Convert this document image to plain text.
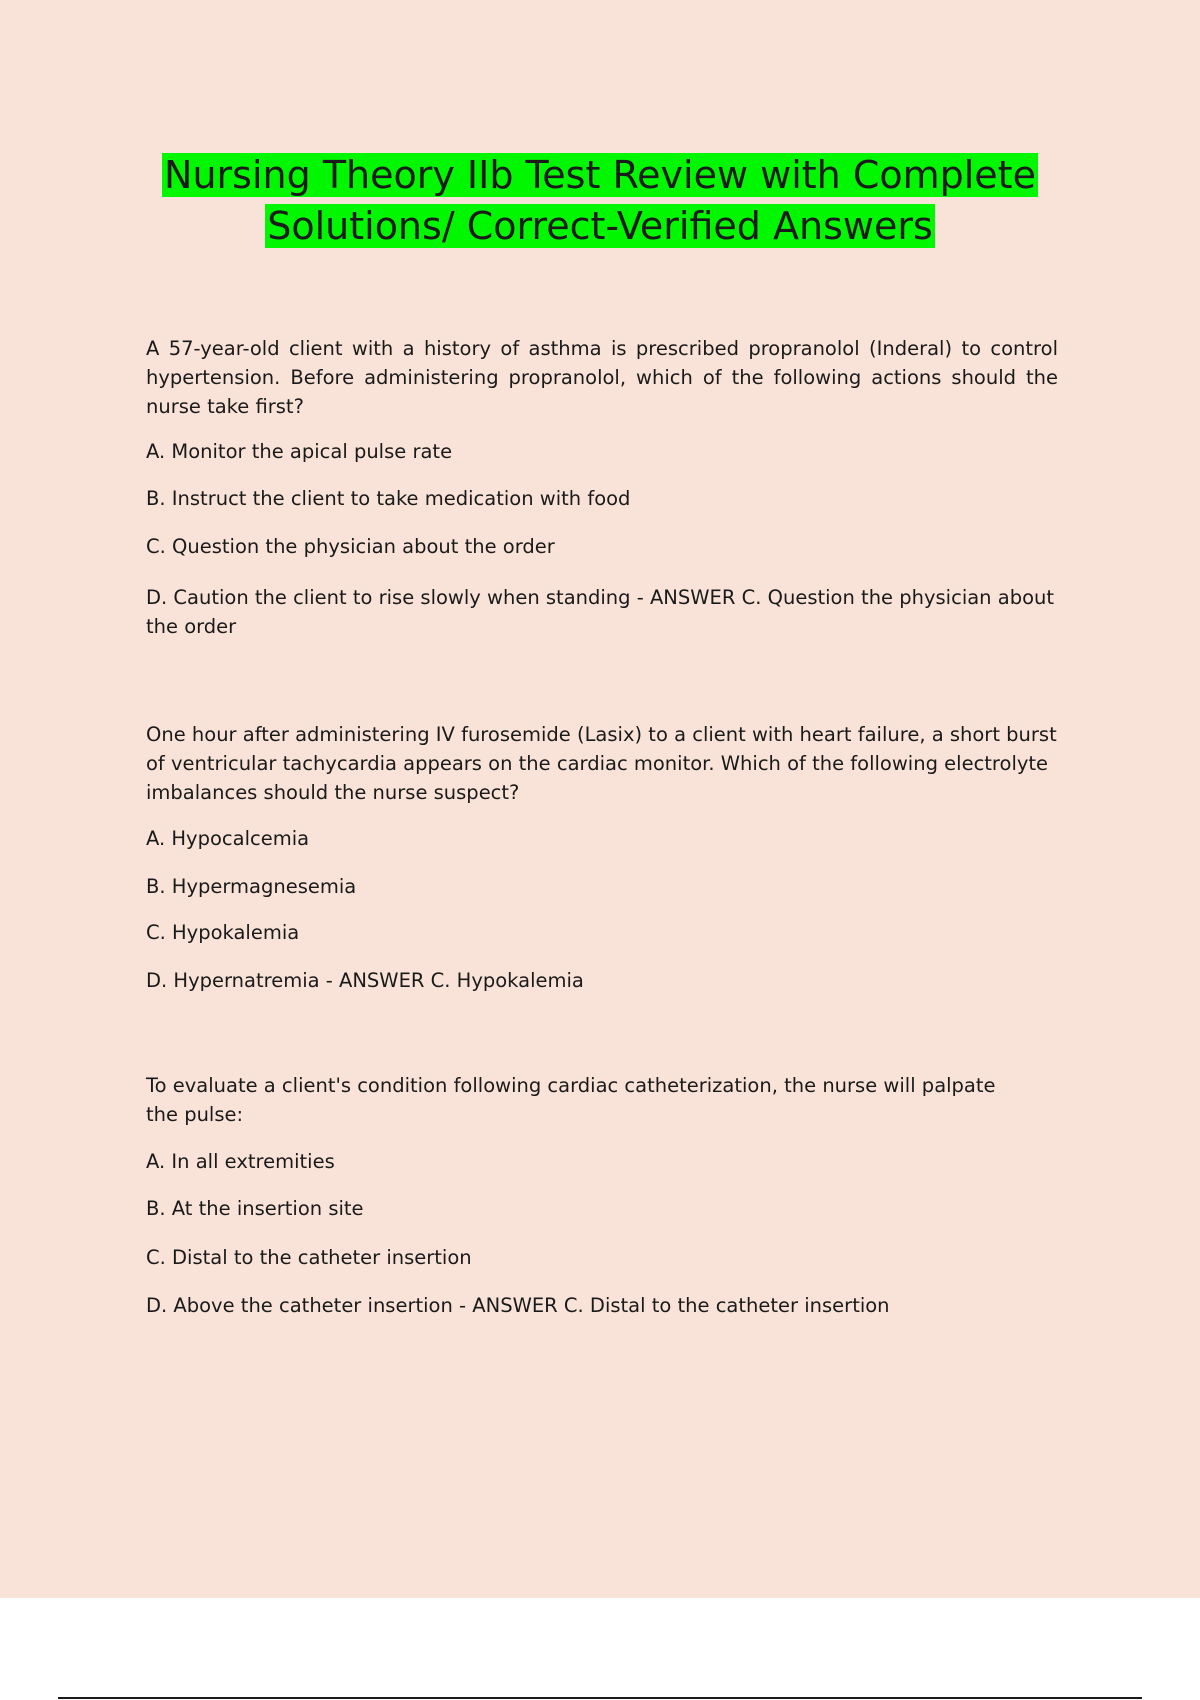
Nursing Theory IIb Test Review with Complete
Solutions/ Correct-Verified Answers

A 57-year-old client with a history of asthma is prescribed propranolol (Inderal) to control hypertension. Before administering propranolol, which of the following actions should the nurse take first?

A. Monitor the apical pulse rate

B. Instruct the client to take medication with food

C. Question the physician about the order

D. Caution the client to rise slowly when standing - ANSWER C. Question the physician about the order

One hour after administering IV furosemide (Lasix) to a client with heart failure, a short burst of ventricular tachycardia appears on the cardiac monitor. Which of the following electrolyte imbalances should the nurse suspect?

A. Hypocalcemia

B. Hypermagnesemia

C. Hypokalemia

D. Hypernatremia - ANSWER C. Hypokalemia

To evaluate a client's condition following cardiac catheterization, the nurse will palpate
the pulse:

A. In all extremities

B. At the insertion site

C. Distal to the catheter insertion

D. Above the catheter insertion - ANSWER C. Distal to the catheter insertion
